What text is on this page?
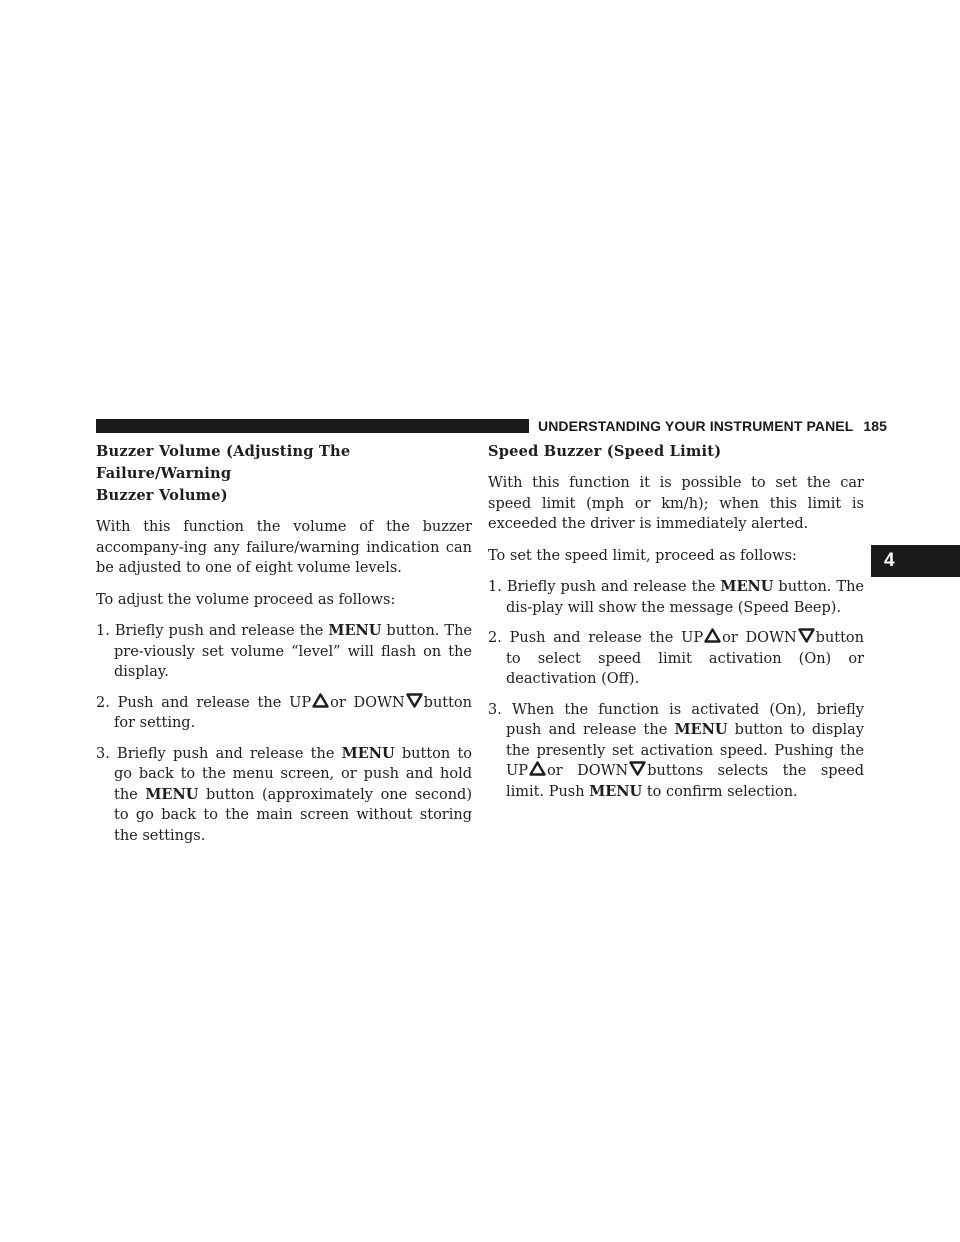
UNDERSTANDING YOUR INSTRUMENT PANEL 185
4
Buzzer Volume (Adjusting The Failure/Warning
Buzzer Volume)

With this function the volume of the buzzer accompany-ing any failure/warning indication can be adjusted to one of eight volume levels.

To adjust the volume proceed as follows:

1. Briefly push and release the MENU button. The pre-viously set volume “level” will flash on the display.
2. Push and release the UP or DOWN button for setting.
3. Briefly push and release the MENU button to go back to the menu screen, or push and hold the MENU button (approximately one second) to go back to the main screen without storing the settings.
Speed Buzzer (Speed Limit)

With this function it is possible to set the car speed limit (mph or km/h); when this limit is exceeded the driver is immediately alerted.

To set the speed limit, proceed as follows:

1. Briefly push and release the MENU button. The dis-play will show the message (Speed Beep).
2. Push and release the UP or DOWN button to select speed limit activation (On) or deactivation (Off).
3. When the function is activated (On), briefly push and release the MENU button to display the presently set activation speed. Pushing the UP or DOWN buttons selects the speed limit. Push MENU to confirm selection.
